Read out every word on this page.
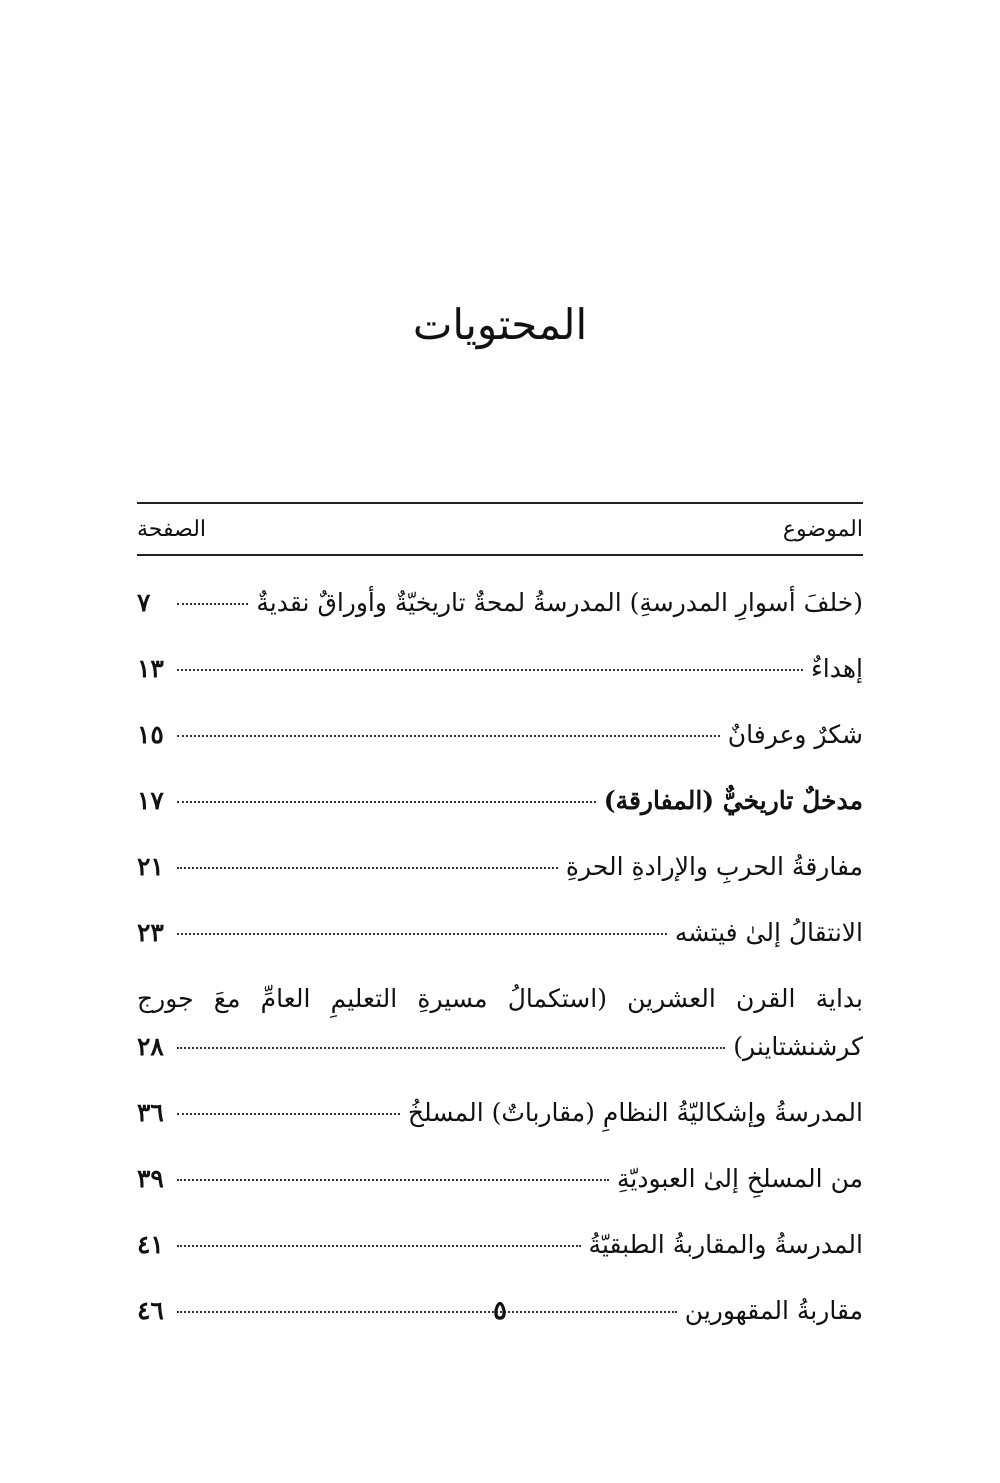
المحتويات
الموضوع
الصفحة
(خلفَ أسوارِ المدرسةِ) المدرسةُ لمحةٌ تاريخيّةٌ وأوراقٌ نقديةٌ
٧
إهداءٌ
١٣
شكرٌ وعرفانٌ
١٥
مدخلٌ تاريخيٌّ (المفارقة)
١٧
مفارقةُ الحربِ والإرادةِ الحرةِ
٢١
الانتقالُ إلىٰ فيتشه
٢٣
بداية القرن العشرين (استكمالُ مسيرةِ التعليمِ العامِّ معَ جورج
كرشنشتاينر)
٢٨
المدرسةُ وإشكاليّةُ النظامِ (مقارباتٌ) المسلخُ
٣٦
من المسلخِ إلىٰ العبوديّةِ
٣٩
المدرسةُ والمقاربةُ الطبقيّةُ
٤١
مقاربةُ المقهورين
٤٦	٥
